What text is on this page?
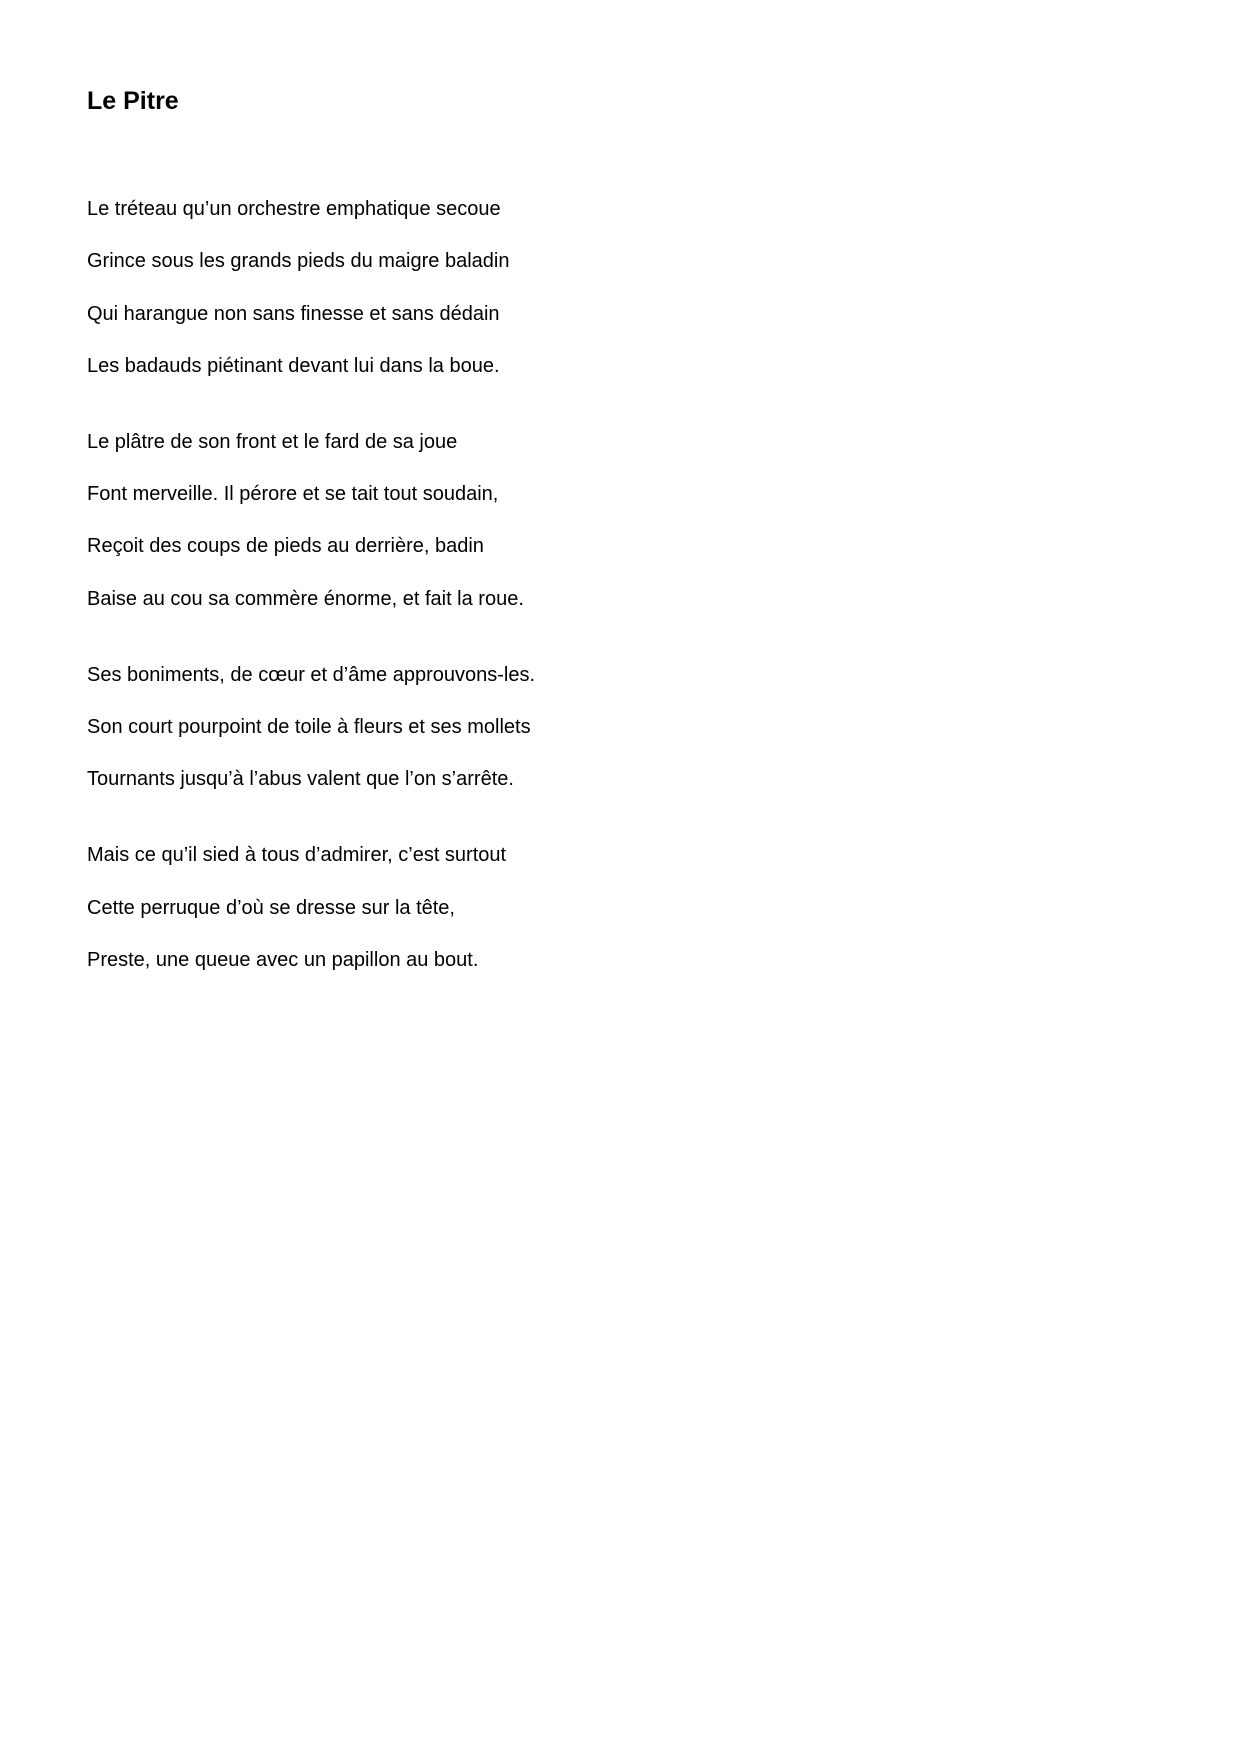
Le Pitre
Le tréteau qu’un orchestre emphatique secoue
Grince sous les grands pieds du maigre baladin
Qui harangue non sans finesse et sans dédain
Les badauds piétinant devant lui dans la boue.
Le plâtre de son front et le fard de sa joue
Font merveille. Il pérore et se tait tout soudain,
Reçoit des coups de pieds au derrière, badin
Baise au cou sa commère énorme, et fait la roue.
Ses boniments, de cœur et d’âme approuvons-les.
Son court pourpoint de toile à fleurs et ses mollets
Tournants jusqu’à l’abus valent que l’on s’arrête.
Mais ce qu’il sied à tous d’admirer, c’est surtout
Cette perruque d’où se dresse sur la tête,
Preste, une queue avec un papillon au bout.
